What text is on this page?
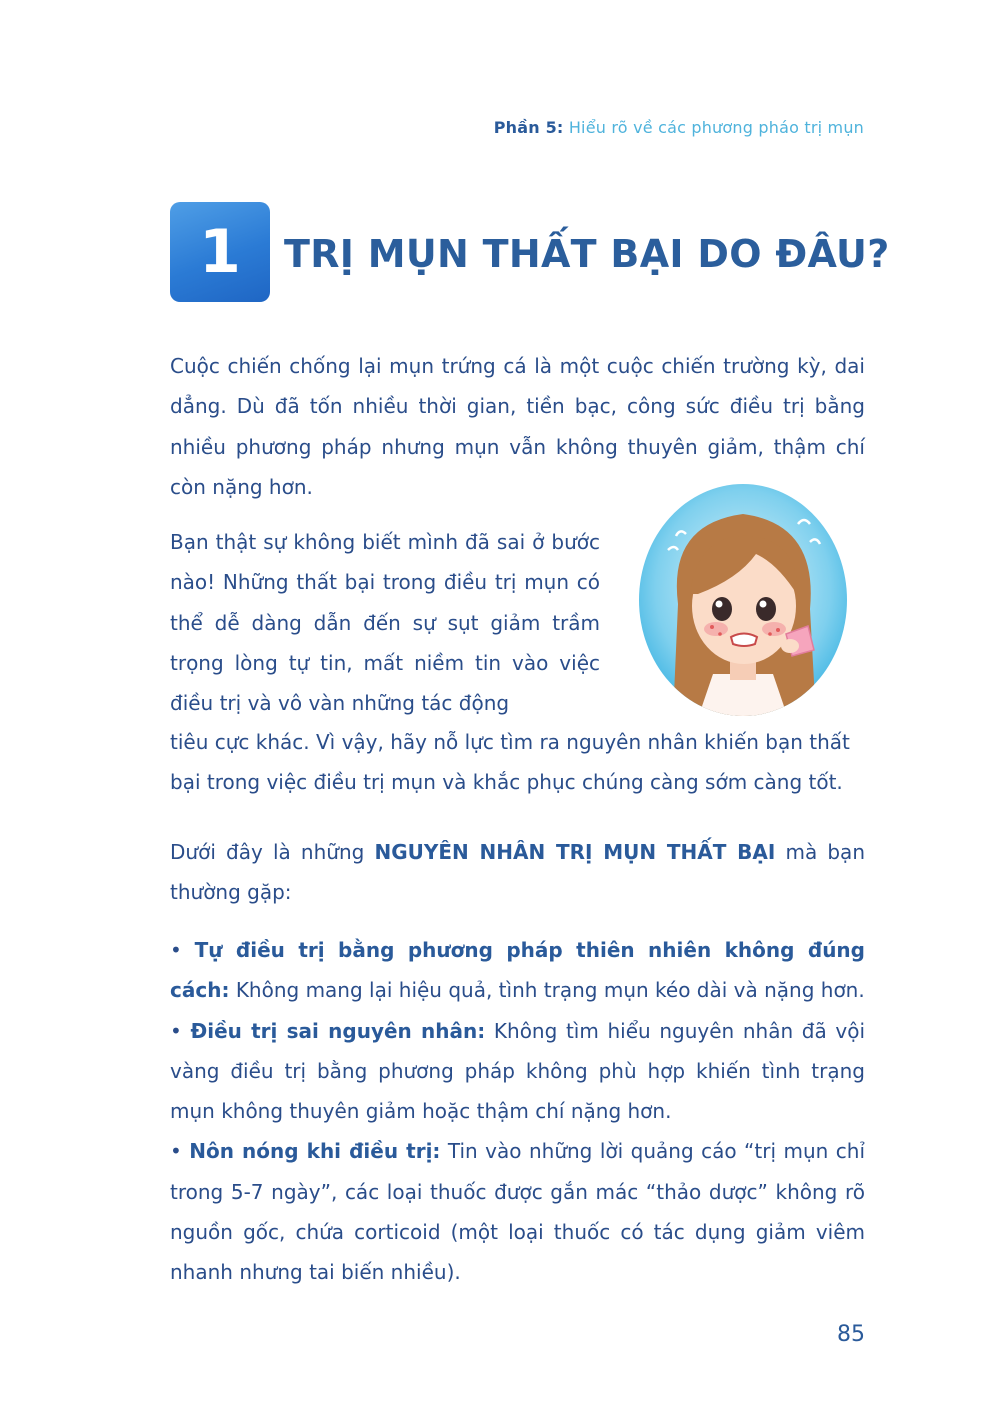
Phần 5: Hiểu rõ về các phương pháo trị mụn
1	TRỊ MỤN THẤT BẠI DO ĐÂU?
Cuộc chiến chống lại mụn trứng cá là một cuộc chiến trường kỳ, dai dẳng. Dù đã tốn nhiều thời gian, tiền bạc, công sức điều trị bằng nhiều phương pháp nhưng mụn vẫn không thuyên giảm, thậm chí còn nặng hơn.
Bạn thật sự không biết mình đã sai ở bước nào! Những thất bại trong điều trị mụn có thể dễ dàng dẫn đến sự sụt giảm trầm trọng lòng tự tin, mất niềm tin vào việc điều trị và vô vàn những tác động
tiêu cực khác. Vì vậy, hãy nỗ lực tìm ra nguyên nhân khiến bạn thất
bại trong việc điều trị mụn và khắc phục chúng càng sớm càng tốt.
Dưới đây là những NGUYÊN NHÂN TRỊ MỤN THẤT BẠI mà bạn thường gặp:

• Tự điều trị bằng phương pháp thiên nhiên không đúng cách: Không mang lại hiệu quả, tình trạng mụn kéo dài và nặng hơn.

• Điều trị sai nguyên nhân: Không tìm hiểu nguyên nhân đã vội vàng điều trị bằng phương pháp không phù hợp khiến tình trạng mụn không thuyên giảm hoặc thậm chí nặng hơn.

• Nôn nóng khi điều trị: Tin vào những lời quảng cáo “trị mụn chỉ trong 5-7 ngày”, các loại thuốc được gắn mác “thảo dược” không rõ nguồn gốc, chứa corticoid (một loại thuốc có tác dụng giảm viêm nhanh nhưng tai biến nhiều).

85
